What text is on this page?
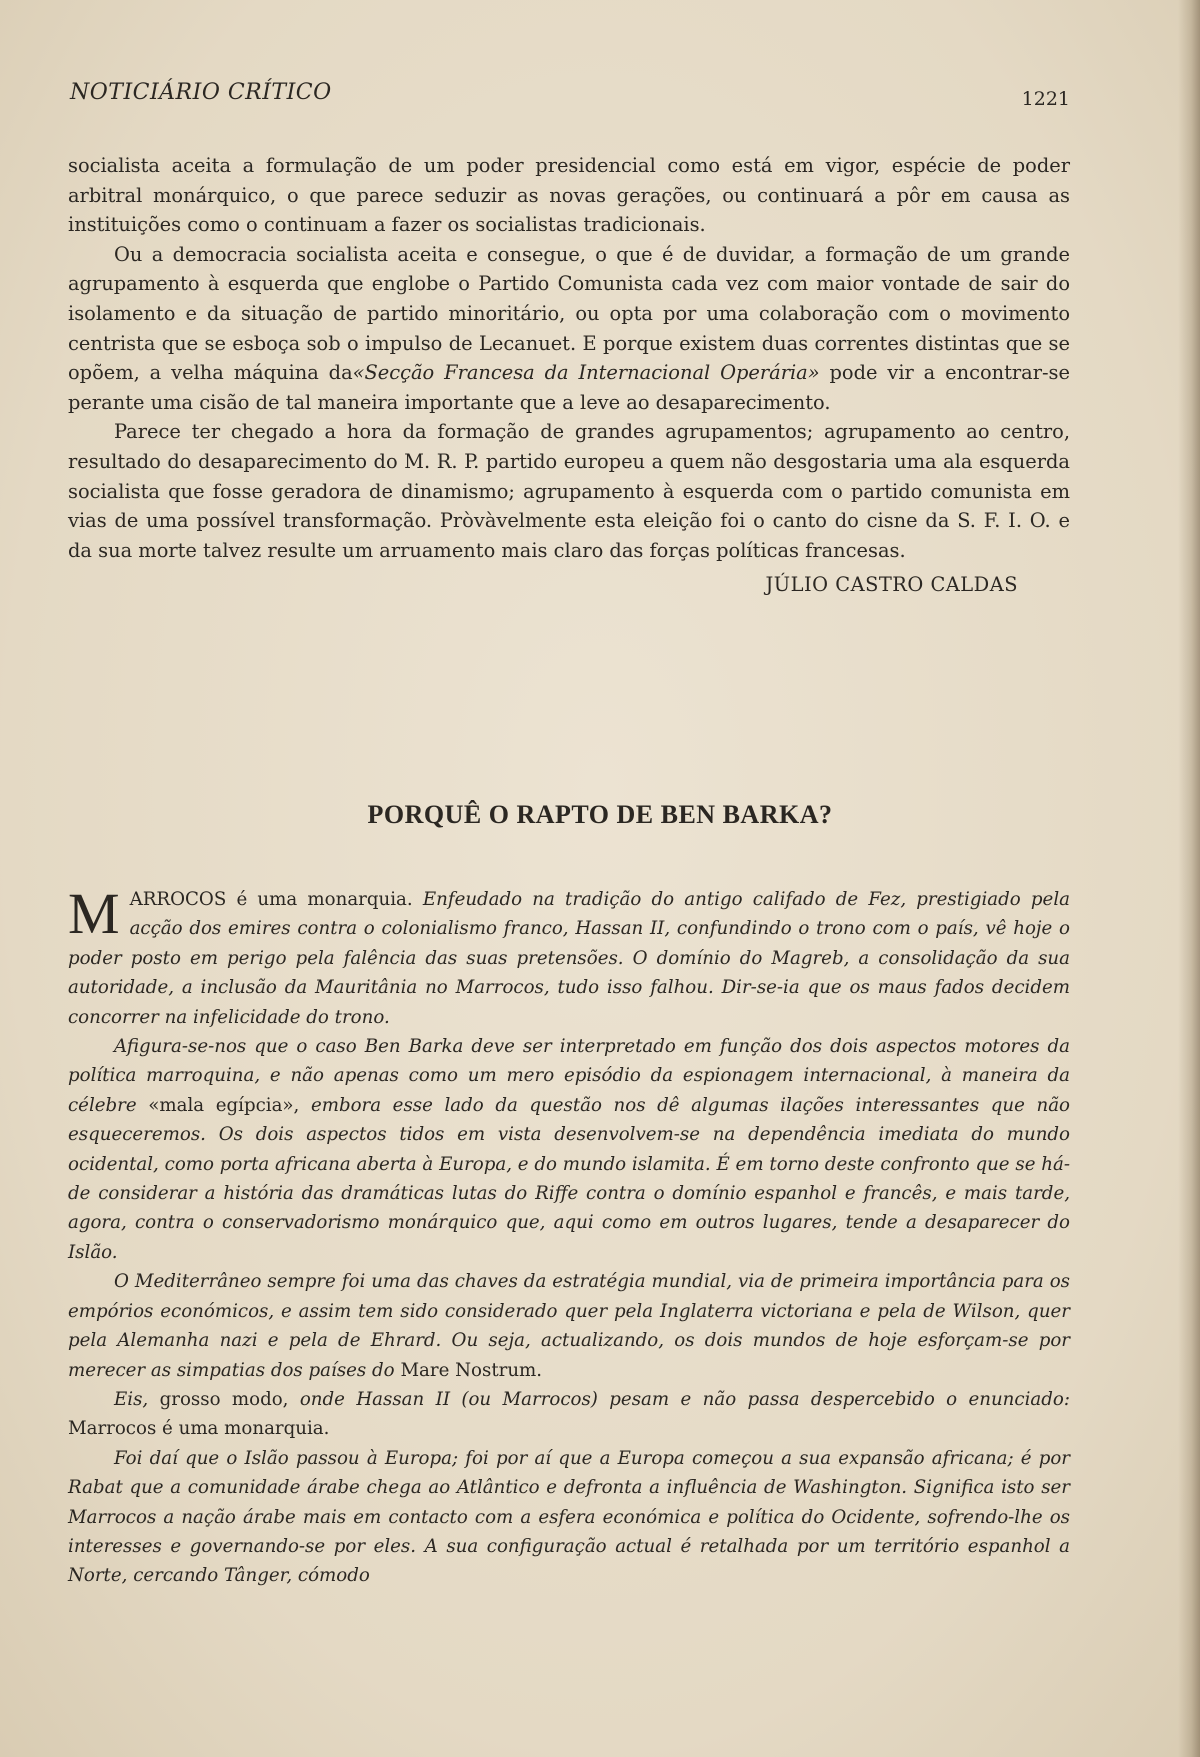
NOTICIÁRIO CRÍTICO	1221

socialista aceita a formulação de um poder presidencial como está em vigor, espécie de poder arbitral monárquico, o que parece seduzir as novas gerações, ou continuará a pôr em causa as instituições como o continuam a fazer os socialistas tradicionais.

Ou a democracia socialista aceita e consegue, o que é de duvidar, a formação de um grande agrupamento à esquerda que englobe o Partido Comunista cada vez com maior vontade de sair do isolamento e da situação de partido minoritário, ou opta por uma colaboração com o movimento centrista que se esboça sob o impulso de Lecanuet. E porque existem duas correntes distintas que se opõem, a velha máquina da«Secção Francesa da Internacional Operária» pode vir a encontrar-se perante uma cisão de tal maneira importante que a leve ao desaparecimento.

Parece ter chegado a hora da formação de grandes agrupamentos; agrupamento ao centro, resultado do desaparecimento do M. R. P. partido europeu a quem não desgostaria uma ala esquerda socialista que fosse geradora de dinamismo; agrupamento à esquerda com o partido comunista em vias de uma possível transformação. Pròvàvelmente esta eleição foi o canto do cisne da S. F. I. O. e da sua morte talvez resulte um arruamento mais claro das forças políticas francesas.

JÚLIO CASTRO CALDAS
PORQUÊ O RAPTO DE BEN BARKA?

MARROCOS é uma monarquia. Enfeudado na tradição do antigo califado de Fez, prestigiado pela acção dos emires contra o colonialismo franco, Hassan II, confundindo o trono com o país, vê hoje o poder posto em perigo pela falência das suas pretensões. O domínio do Magreb, a consolidação da sua autoridade, a inclusão da Mauritânia no Marrocos, tudo isso falhou. Dir-se-ia que os maus fados decidem concorrer na infelicidade do trono.

Afigura-se-nos que o caso Ben Barka deve ser interpretado em função dos dois aspectos motores da política marroquina, e não apenas como um mero episódio da espionagem internacional, à maneira da célebre «mala egípcia», embora esse lado da questão nos dê algumas ilações interessantes que não esqueceremos. Os dois aspectos tidos em vista desenvolvem-se na dependência imediata do mundo ocidental, como porta africana aberta à Europa, e do mundo islamita. É em torno deste confronto que se há-de considerar a história das dramáticas lutas do Riffe contra o domínio espanhol e francês, e mais tarde, agora, contra o conservadorismo monárquico que, aqui como em outros lugares, tende a desaparecer do Islão.

O Mediterrâneo sempre foi uma das chaves da estratégia mundial, via de primeira importância para os empórios económicos, e assim tem sido considerado quer pela Inglaterra victoriana e pela de Wilson, quer pela Alemanha nazi e pela de Ehrard. Ou seja, actualizando, os dois mundos de hoje esforçam-se por merecer as simpatias dos países do Mare Nostrum.

Eis, grosso modo, onde Hassan II (ou Marrocos) pesam e não passa despercebido o enunciado: Marrocos é uma monarquia.

Foi daí que o Islão passou à Europa; foi por aí que a Europa começou a sua expansão africana; é por Rabat que a comunidade árabe chega ao Atlântico e defronta a influência de Washington. Significa isto ser Marrocos a nação árabe mais em contacto com a esfera económica e política do Ocidente, sofrendo-lhe os interesses e governando-se por eles. A sua configuração actual é retalhada por um território espanhol a Norte, cercando Tânger, cómodo
